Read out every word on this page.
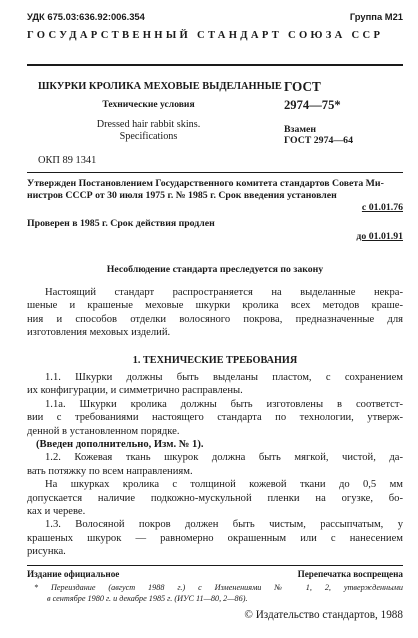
УДК 675.03:636.92:006.354	Группа М21
ГОСУДАРСТВЕННЫЙ СТАНДАРТ СОЮЗА ССР
ШКУРКИ КРОЛИКА МЕХОВЫЕ ВЫДЕЛАННЫЕ
Технические условия
Dressed hair rabbit skins.
Specifications
ГОСТ
2974—75*
Взамен
ГОСТ 2974—64
ОКП 89 1341
Утвержден Постановлением Государственного комитета стандартов Совета Ми-
нистров СССР от 30 июля 1975 г. № 1985 г. Срок введения установлен
с 01.01.76
Проверен в 1985 г. Срок действия продлен
до 01.01.91
Несоблюдение стандарта преследуется по закону
Настоящий стандарт распространяется на выделанные некра-
шеные и крашеные меховые шкурки кролика всех методов краше-
ния и способов отделки волосяного покрова, предназначенные для
изготовления меховых изделий.
1. ТЕХНИЧЕСКИЕ ТРЕБОВАНИЯ
1.1. Шкурки должны быть выделаны пластом, с сохранением
их конфигурации, и симметрично расправлены.
1.1а. Шкурки кролика должны быть изготовлены в соответст-
вии с требованиями настоящего стандарта по технологии, утверж-
денной в установленном порядке.
(Введен дополнительно, Изм. № 1).
1.2. Кожевая ткань шкурок должна быть мягкой, чистой, да-
вать потяжку по всем направлениям.
На шкурках кролика с толщиной кожевой ткани до 0,5 мм
допускается наличие подкожно-мускульной пленки на огузке, бо-
ках и череве.
1.3. Волосяной покров должен быть чистым, рассыпчатым, у
крашеных шкурок — равномерно окрашенным или с нанесением
рисунка.
Издание официальное	Перепечатка воспрещена
* Переиздание (август 1988 г.) с Изменениями № 1, 2, утвержденными
в сентябре 1980 г. и декабре 1985 г. (ИУС 11—80, 2—86).
© Издательство стандартов, 1988
